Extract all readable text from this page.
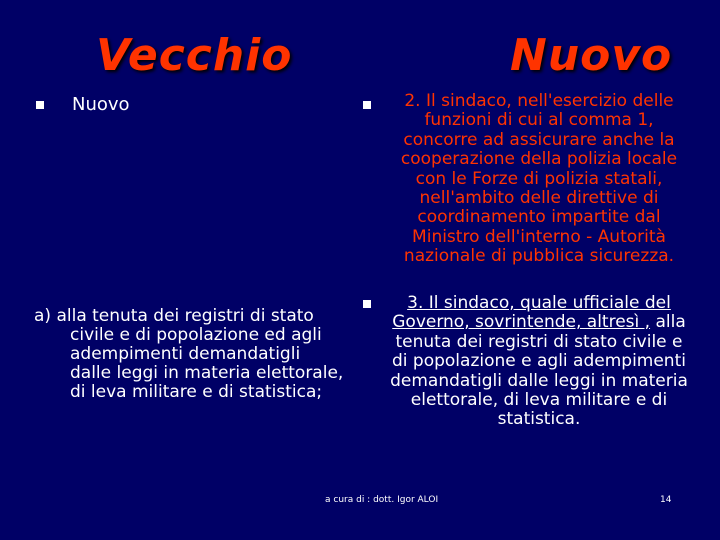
Vecchio	Nuovo
Nuovo
a) alla tenuta dei registri di stato civile e di popolazione ed agli adempimenti demandatigli dalle leggi in materia elettorale, di leva militare e di statistica;
2. Il sindaco, nell'esercizio delle funzioni di cui al comma 1, concorre ad assicurare anche la cooperazione della polizia locale con le Forze di polizia statali, nell'ambito delle direttive di coordinamento impartite dal Ministro dell'interno - Autorità nazionale di pubblica sicurezza.
3. Il sindaco, quale ufficiale del Governo, sovrintende, altresì , alla tenuta dei registri di stato civile e di popolazione e agli adempimenti demandatigli dalle leggi in materia elettorale, di leva militare e di statistica.
a cura di : dott. Igor ALOI	14
